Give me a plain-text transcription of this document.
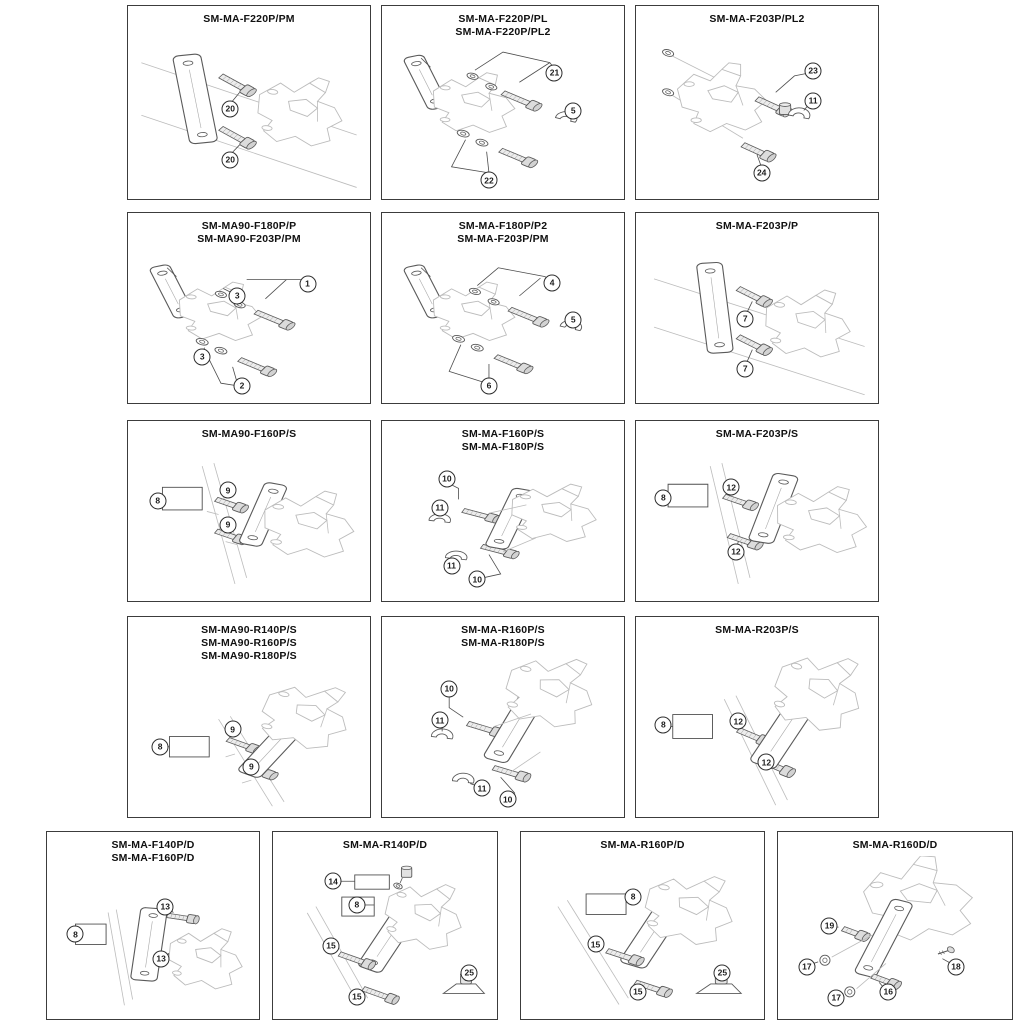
SM-MA-F220P/PM
20
20
SM-MA-F220P/PL
SM-MA-F220P/PL2
21
5
22
SM-MA-F203P/PL2
23
11
24
SM-MA90-F180P/P
SM-MA90-F203P/PM
3
1
3
2
SM-MA-F180P/P2
SM-MA-F203P/PM
4
5
6
SM-MA-F203P/P
7
7
SM-MA90-F160P/S
8
9
9
SM-MA-F160P/S
SM-MA-F180P/S
10
11
11
10
SM-MA-F203P/S
8
12
12
SM-MA90-R140P/S
SM-MA90-R160P/S
SM-MA90-R180P/S
8
9
9
SM-MA-R160P/S
SM-MA-R180P/S
10
11
11
10
SM-MA-R203P/S
8	12
12
SM-MA-F140P/D
SM-MA-F160P/D
8
13
13
SM-MA-R140P/D
14
8
15
15
25
SM-MA-R160P/D
8
15
15
25
SM-MA-R160D/D
19
17
16
17
18
